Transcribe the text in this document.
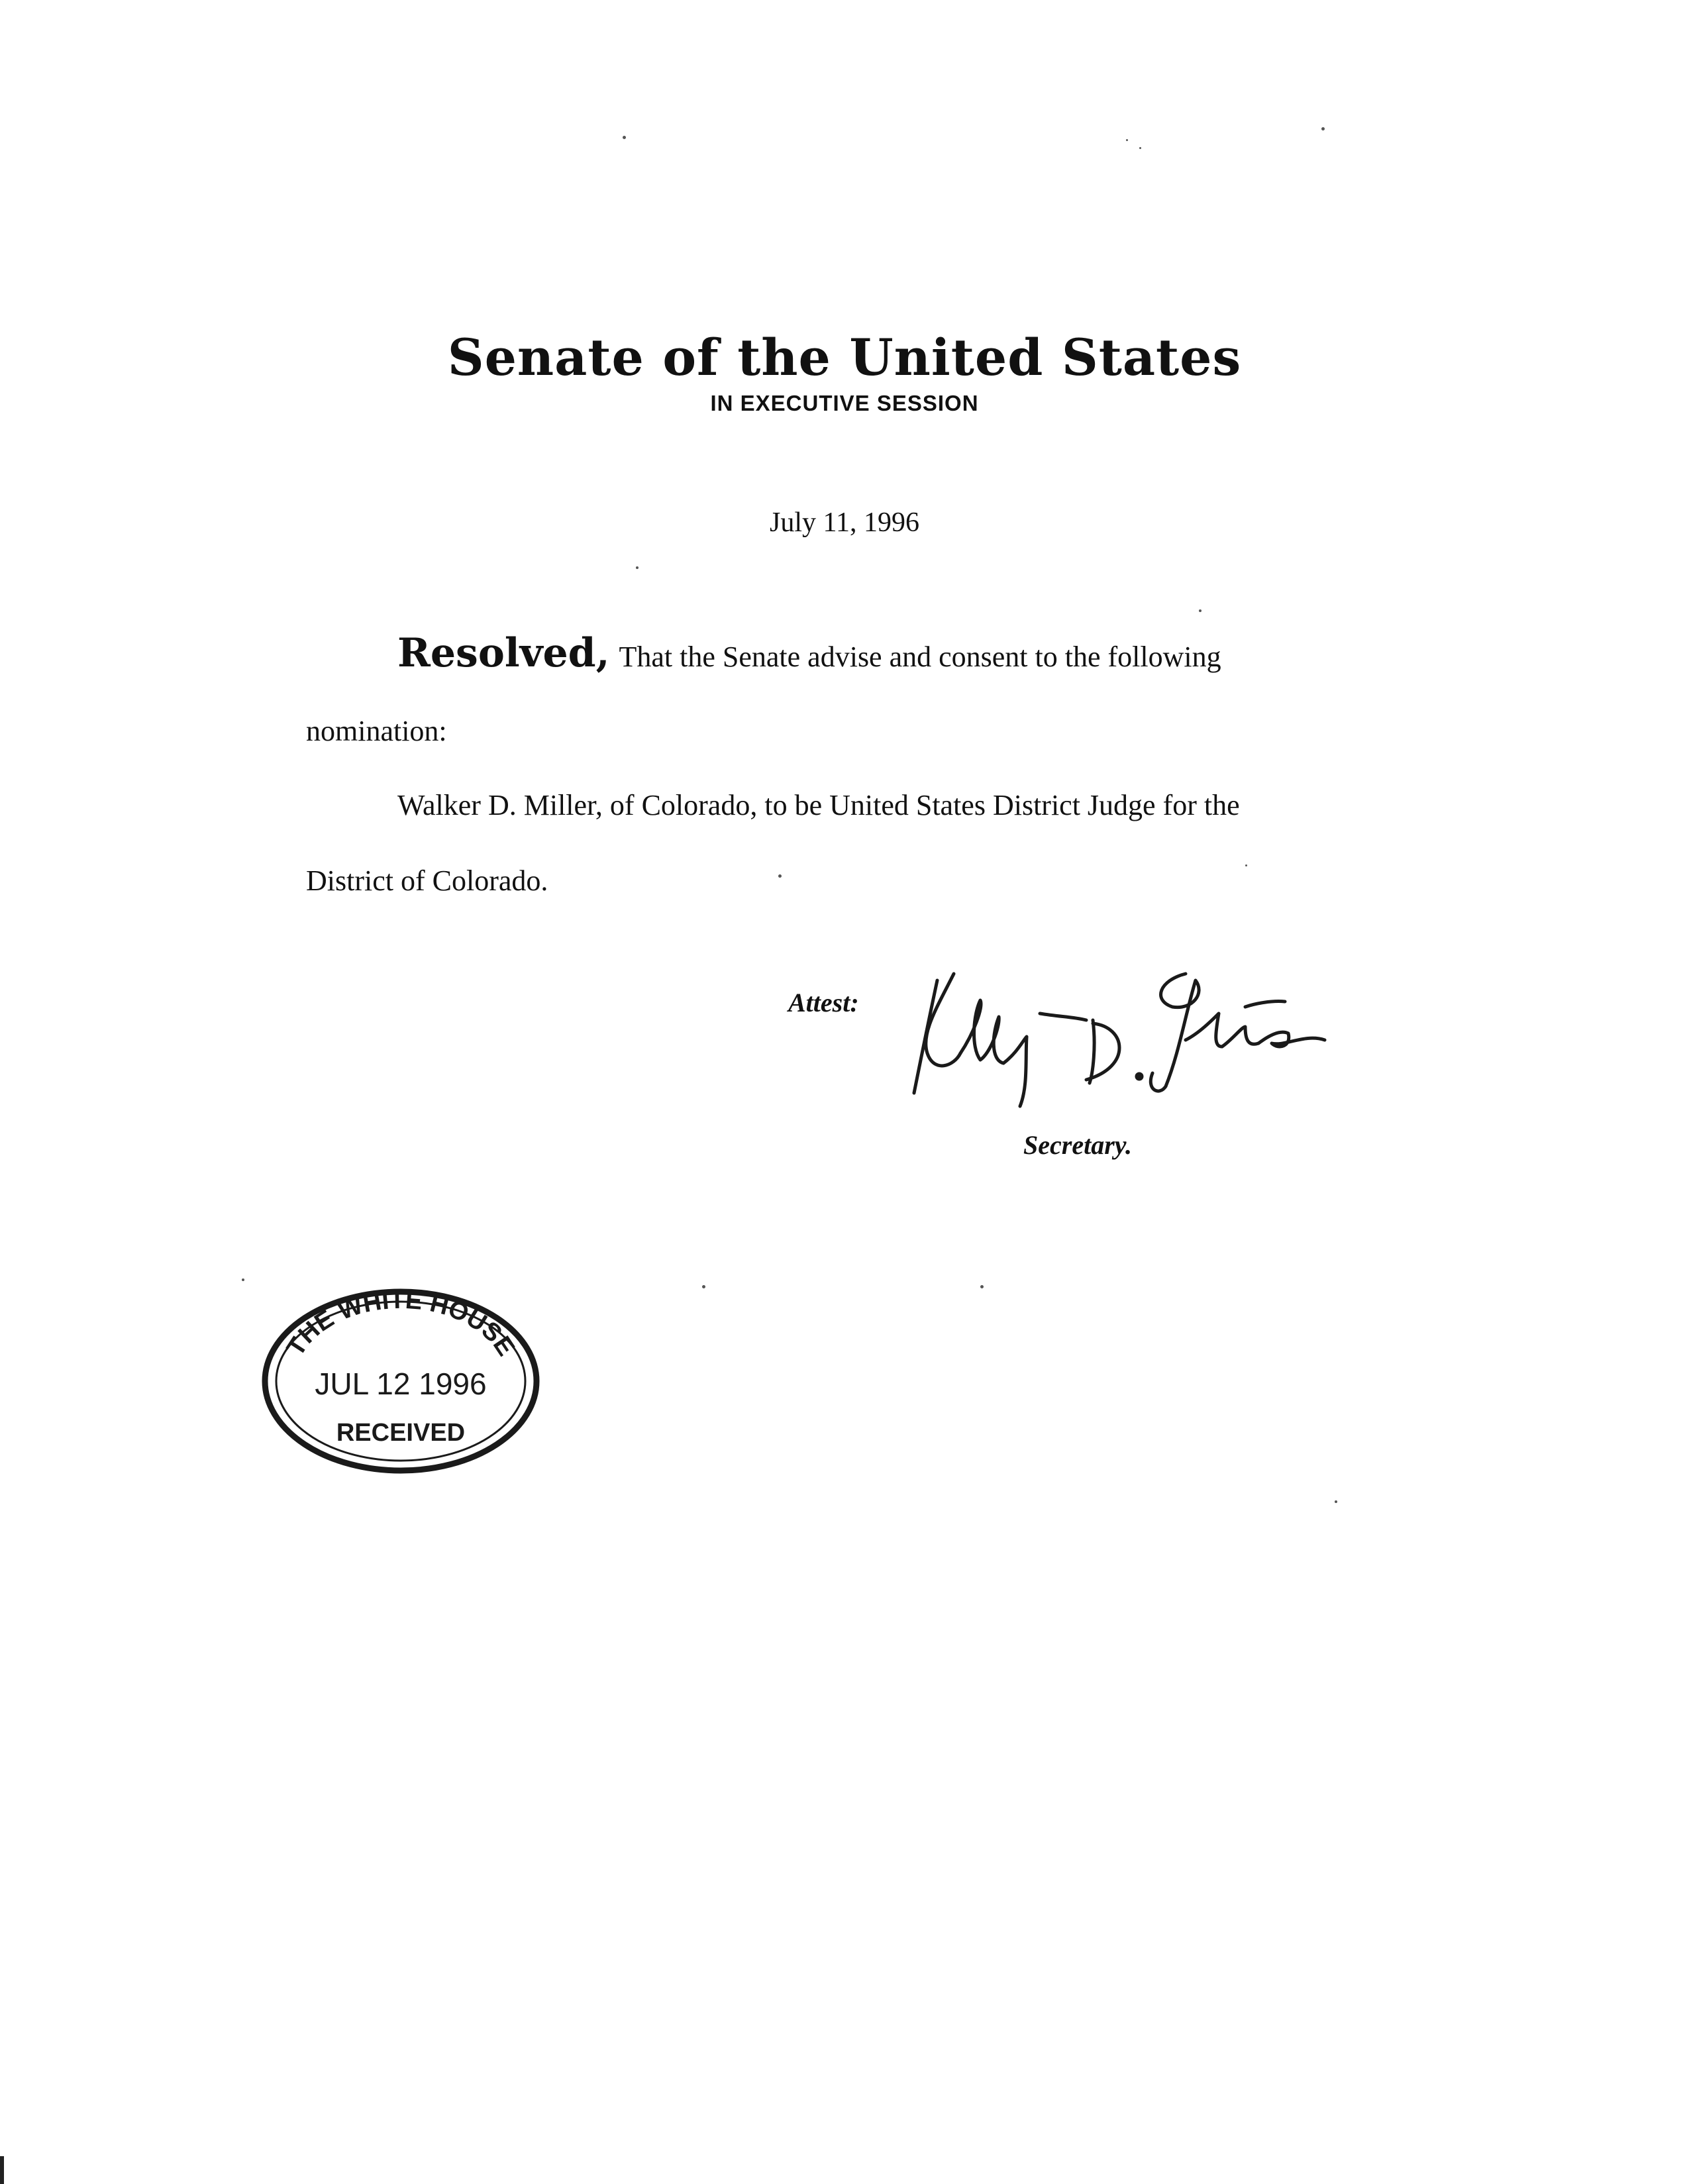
Senate of the United States
IN EXECUTIVE SESSION
July 11, 1996
Resolved, That the Senate advise and consent to the following
nomination:
Walker D. Miller, of Colorado, to be United States District Judge for the
District of Colorado.
Attest:
Secretary.
THE WHITE HOUSE
JUL 12 1996
RECEIVED
